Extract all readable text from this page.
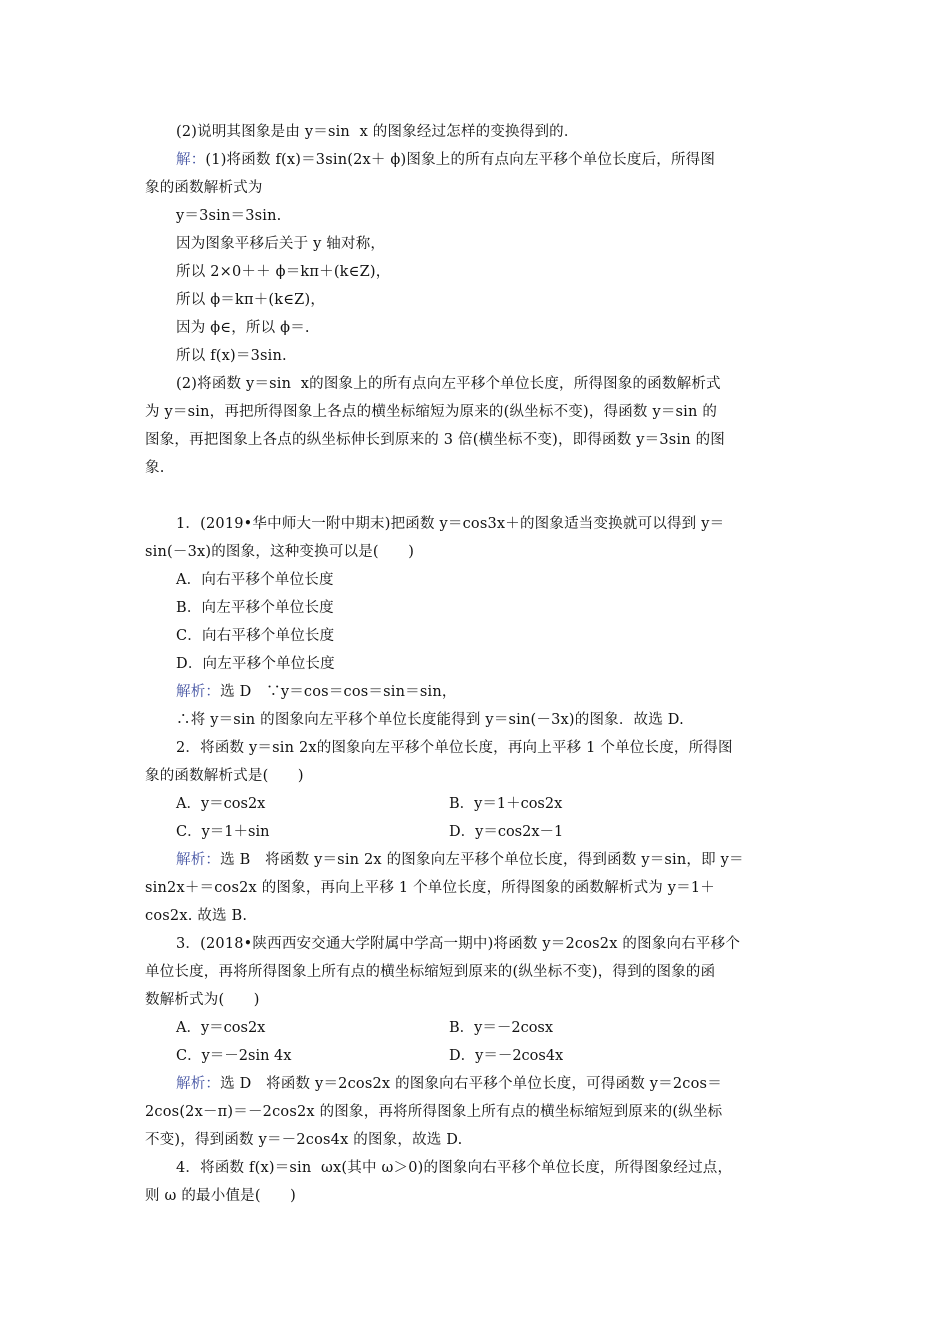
(2)说明其图象是由 y＝sin  x 的图象经过怎样的变换得到的．
解：(1)将函数 f(x)＝3sin(2x＋ ϕ)图象上的所有点向左平移个单位长度后，所得图
象的函数解析式为
y＝3sin＝3sin.
因为图象平移后关于 y 轴对称，
所以 2×0＋＋ ϕ＝kπ＋(k∈Z)，
所以 ϕ＝kπ＋(k∈Z)，
因为 ϕ∈，所以 ϕ＝.
所以 f(x)＝3sin.
(2)将函数 y＝sin  x的图象上的所有点向左平移个单位长度，所得图象的函数解析式
为 y＝sin，再把所得图象上各点的横坐标缩短为原来的(纵坐标不变)，得函数 y＝sin 的
图象，再把图象上各点的纵坐标伸长到原来的 3 倍(横坐标不变)，即得函数 y＝3sin 的图
象.
1．(2019•华中师大一附中期末)把函数 y＝cos3x＋的图象适当变换就可以得到 y＝
sin(－3x)的图象，这种变换可以是(　　)
A．向右平移个单位长度
B．向左平移个单位长度
C．向右平移个单位长度
D．向左平移个单位长度
解析：选 D　∵y＝cos＝cos＝sin＝sin，
∴将 y＝sin 的图象向左平移个单位长度能得到 y＝sin(－3x)的图象．故选 D.
2．将函数 y＝sin 2x的图象向左平移个单位长度，再向上平移 1 个单位长度，所得图
象的函数解析式是(　　)
A．y＝cos2x	B．y＝1＋cos2x
C．y＝1＋sin	D．y＝cos2x－1
解析：选 B　将函数 y＝sin 2x 的图象向左平移个单位长度，得到函数 y＝sin，即 y＝
sin2x＋＝cos2x 的图象，再向上平移 1 个单位长度，所得图象的函数解析式为 y＝1＋
cos2x. 故选 B.
3．(2018•陕西西安交通大学附属中学高一期中)将函数 y＝2cos2x 的图象向右平移个
单位长度，再将所得图象上所有点的横坐标缩短到原来的(纵坐标不变)，得到的图象的函
数解析式为(　　)
A．y＝cos2x	B．y＝－2cosx
C．y＝－2sin 4x	D．y＝－2cos4x
解析：选 D　将函数 y＝2cos2x 的图象向右平移个单位长度，可得函数 y＝2cos＝
2cos(2x－π)＝－2cos2x 的图象，再将所得图象上所有点的横坐标缩短到原来的(纵坐标
不变)，得到函数 y＝－2cos4x 的图象，故选 D.
4．将函数 f(x)＝sin  ωx(其中 ω＞0)的图象向右平移个单位长度，所得图象经过点，
则 ω 的最小值是(　　)
